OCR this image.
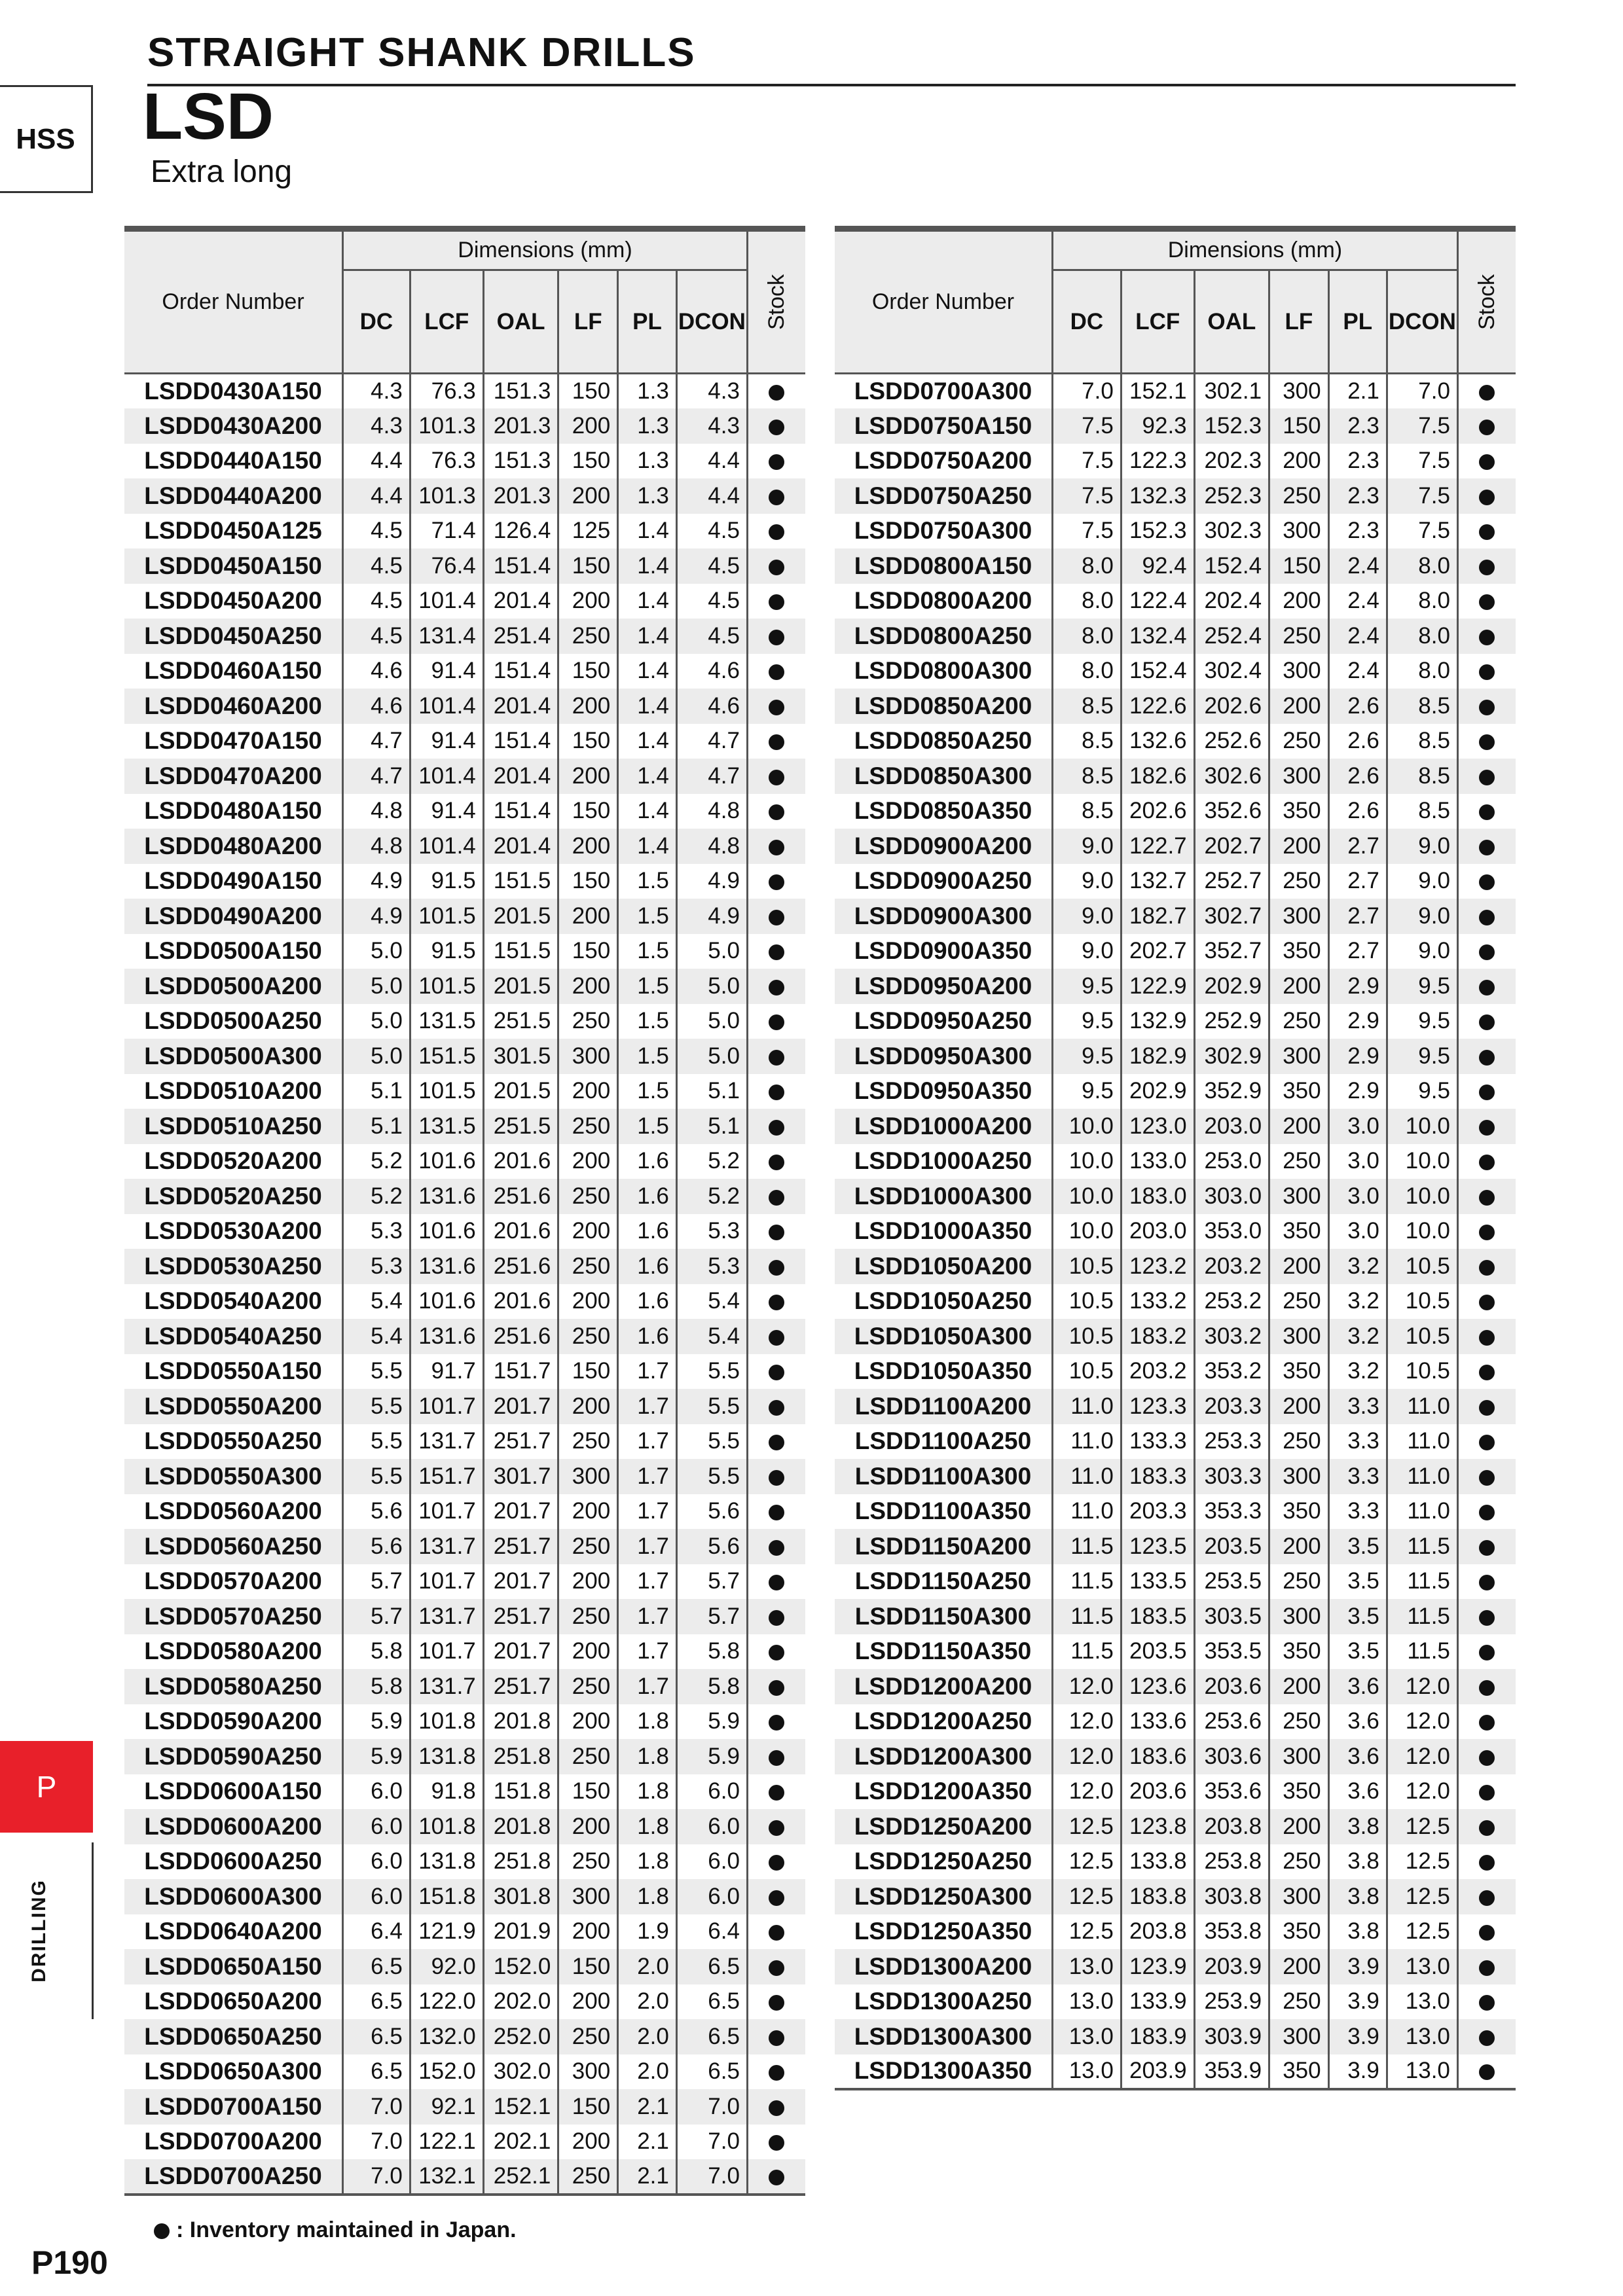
HSS
STRAIGHT SHANK DRILLS
LSD
Extra long
Order Number	Dimensions (mm)						Stock
	DC	LCF	OAL	LF	PL	DCON	
LSDD0430A150	4.3	76.3	151.3	150	1.3	4.3	
LSDD0430A200	4.3	101.3	201.3	200	1.3	4.3	
LSDD0440A150	4.4	76.3	151.3	150	1.3	4.4	
LSDD0440A200	4.4	101.3	201.3	200	1.3	4.4	
LSDD0450A125	4.5	71.4	126.4	125	1.4	4.5	
LSDD0450A150	4.5	76.4	151.4	150	1.4	4.5	
LSDD0450A200	4.5	101.4	201.4	200	1.4	4.5	
LSDD0450A250	4.5	131.4	251.4	250	1.4	4.5	
LSDD0460A150	4.6	91.4	151.4	150	1.4	4.6	
LSDD0460A200	4.6	101.4	201.4	200	1.4	4.6	
LSDD0470A150	4.7	91.4	151.4	150	1.4	4.7	
LSDD0470A200	4.7	101.4	201.4	200	1.4	4.7	
LSDD0480A150	4.8	91.4	151.4	150	1.4	4.8	
LSDD0480A200	4.8	101.4	201.4	200	1.4	4.8	
LSDD0490A150	4.9	91.5	151.5	150	1.5	4.9	
LSDD0490A200	4.9	101.5	201.5	200	1.5	4.9	
LSDD0500A150	5.0	91.5	151.5	150	1.5	5.0	
LSDD0500A200	5.0	101.5	201.5	200	1.5	5.0	
LSDD0500A250	5.0	131.5	251.5	250	1.5	5.0	
LSDD0500A300	5.0	151.5	301.5	300	1.5	5.0	
LSDD0510A200	5.1	101.5	201.5	200	1.5	5.1	
LSDD0510A250	5.1	131.5	251.5	250	1.5	5.1	
LSDD0520A200	5.2	101.6	201.6	200	1.6	5.2	
LSDD0520A250	5.2	131.6	251.6	250	1.6	5.2	
LSDD0530A200	5.3	101.6	201.6	200	1.6	5.3	
LSDD0530A250	5.3	131.6	251.6	250	1.6	5.3	
LSDD0540A200	5.4	101.6	201.6	200	1.6	5.4	
LSDD0540A250	5.4	131.6	251.6	250	1.6	5.4	
LSDD0550A150	5.5	91.7	151.7	150	1.7	5.5	
LSDD0550A200	5.5	101.7	201.7	200	1.7	5.5	
LSDD0550A250	5.5	131.7	251.7	250	1.7	5.5	
LSDD0550A300	5.5	151.7	301.7	300	1.7	5.5	
LSDD0560A200	5.6	101.7	201.7	200	1.7	5.6	
LSDD0560A250	5.6	131.7	251.7	250	1.7	5.6	
LSDD0570A200	5.7	101.7	201.7	200	1.7	5.7	
LSDD0570A250	5.7	131.7	251.7	250	1.7	5.7	
LSDD0580A200	5.8	101.7	201.7	200	1.7	5.8	
LSDD0580A250	5.8	131.7	251.7	250	1.7	5.8	
LSDD0590A200	5.9	101.8	201.8	200	1.8	5.9	
LSDD0590A250	5.9	131.8	251.8	250	1.8	5.9	
LSDD0600A150	6.0	91.8	151.8	150	1.8	6.0	
LSDD0600A200	6.0	101.8	201.8	200	1.8	6.0	
LSDD0600A250	6.0	131.8	251.8	250	1.8	6.0	
LSDD0600A300	6.0	151.8	301.8	300	1.8	6.0	
LSDD0640A200	6.4	121.9	201.9	200	1.9	6.4	
LSDD0650A150	6.5	92.0	152.0	150	2.0	6.5	
LSDD0650A200	6.5	122.0	202.0	200	2.0	6.5	
LSDD0650A250	6.5	132.0	252.0	250	2.0	6.5	
LSDD0650A300	6.5	152.0	302.0	300	2.0	6.5	
LSDD0700A150	7.0	92.1	152.1	150	2.1	7.0	
LSDD0700A200	7.0	122.1	202.1	200	2.1	7.0	
LSDD0700A250	7.0	132.1	252.1	250	2.1	7.0	
Order Number	Dimensions (mm)						Stock
	DC	LCF	OAL	LF	PL	DCON	
LSDD0700A300	7.0	152.1	302.1	300	2.1	7.0	
LSDD0750A150	7.5	92.3	152.3	150	2.3	7.5	
LSDD0750A200	7.5	122.3	202.3	200	2.3	7.5	
LSDD0750A250	7.5	132.3	252.3	250	2.3	7.5	
LSDD0750A300	7.5	152.3	302.3	300	2.3	7.5	
LSDD0800A150	8.0	92.4	152.4	150	2.4	8.0	
LSDD0800A200	8.0	122.4	202.4	200	2.4	8.0	
LSDD0800A250	8.0	132.4	252.4	250	2.4	8.0	
LSDD0800A300	8.0	152.4	302.4	300	2.4	8.0	
LSDD0850A200	8.5	122.6	202.6	200	2.6	8.5	
LSDD0850A250	8.5	132.6	252.6	250	2.6	8.5	
LSDD0850A300	8.5	182.6	302.6	300	2.6	8.5	
LSDD0850A350	8.5	202.6	352.6	350	2.6	8.5	
LSDD0900A200	9.0	122.7	202.7	200	2.7	9.0	
LSDD0900A250	9.0	132.7	252.7	250	2.7	9.0	
LSDD0900A300	9.0	182.7	302.7	300	2.7	9.0	
LSDD0900A350	9.0	202.7	352.7	350	2.7	9.0	
LSDD0950A200	9.5	122.9	202.9	200	2.9	9.5	
LSDD0950A250	9.5	132.9	252.9	250	2.9	9.5	
LSDD0950A300	9.5	182.9	302.9	300	2.9	9.5	
LSDD0950A350	9.5	202.9	352.9	350	2.9	9.5	
LSDD1000A200	10.0	123.0	203.0	200	3.0	10.0	
LSDD1000A250	10.0	133.0	253.0	250	3.0	10.0	
LSDD1000A300	10.0	183.0	303.0	300	3.0	10.0	
LSDD1000A350	10.0	203.0	353.0	350	3.0	10.0	
LSDD1050A200	10.5	123.2	203.2	200	3.2	10.5	
LSDD1050A250	10.5	133.2	253.2	250	3.2	10.5	
LSDD1050A300	10.5	183.2	303.2	300	3.2	10.5	
LSDD1050A350	10.5	203.2	353.2	350	3.2	10.5	
LSDD1100A200	11.0	123.3	203.3	200	3.3	11.0	
LSDD1100A250	11.0	133.3	253.3	250	3.3	11.0	
LSDD1100A300	11.0	183.3	303.3	300	3.3	11.0	
LSDD1100A350	11.0	203.3	353.3	350	3.3	11.0	
LSDD1150A200	11.5	123.5	203.5	200	3.5	11.5	
LSDD1150A250	11.5	133.5	253.5	250	3.5	11.5	
LSDD1150A300	11.5	183.5	303.5	300	3.5	11.5	
LSDD1150A350	11.5	203.5	353.5	350	3.5	11.5	
LSDD1200A200	12.0	123.6	203.6	200	3.6	12.0	
LSDD1200A250	12.0	133.6	253.6	250	3.6	12.0	
LSDD1200A300	12.0	183.6	303.6	300	3.6	12.0	
LSDD1200A350	12.0	203.6	353.6	350	3.6	12.0	
LSDD1250A200	12.5	123.8	203.8	200	3.8	12.5	
LSDD1250A250	12.5	133.8	253.8	250	3.8	12.5	
LSDD1250A300	12.5	183.8	303.8	300	3.8	12.5	
LSDD1250A350	12.5	203.8	353.8	350	3.8	12.5	
LSDD1300A200	13.0	123.9	203.9	200	3.9	13.0	
LSDD1300A250	13.0	133.9	253.9	250	3.9	13.0	
LSDD1300A300	13.0	183.9	303.9	300	3.9	13.0	
LSDD1300A350	13.0	203.9	353.9	350	3.9	13.0	
: Inventory maintained in Japan.
P
DRILLING
P190
